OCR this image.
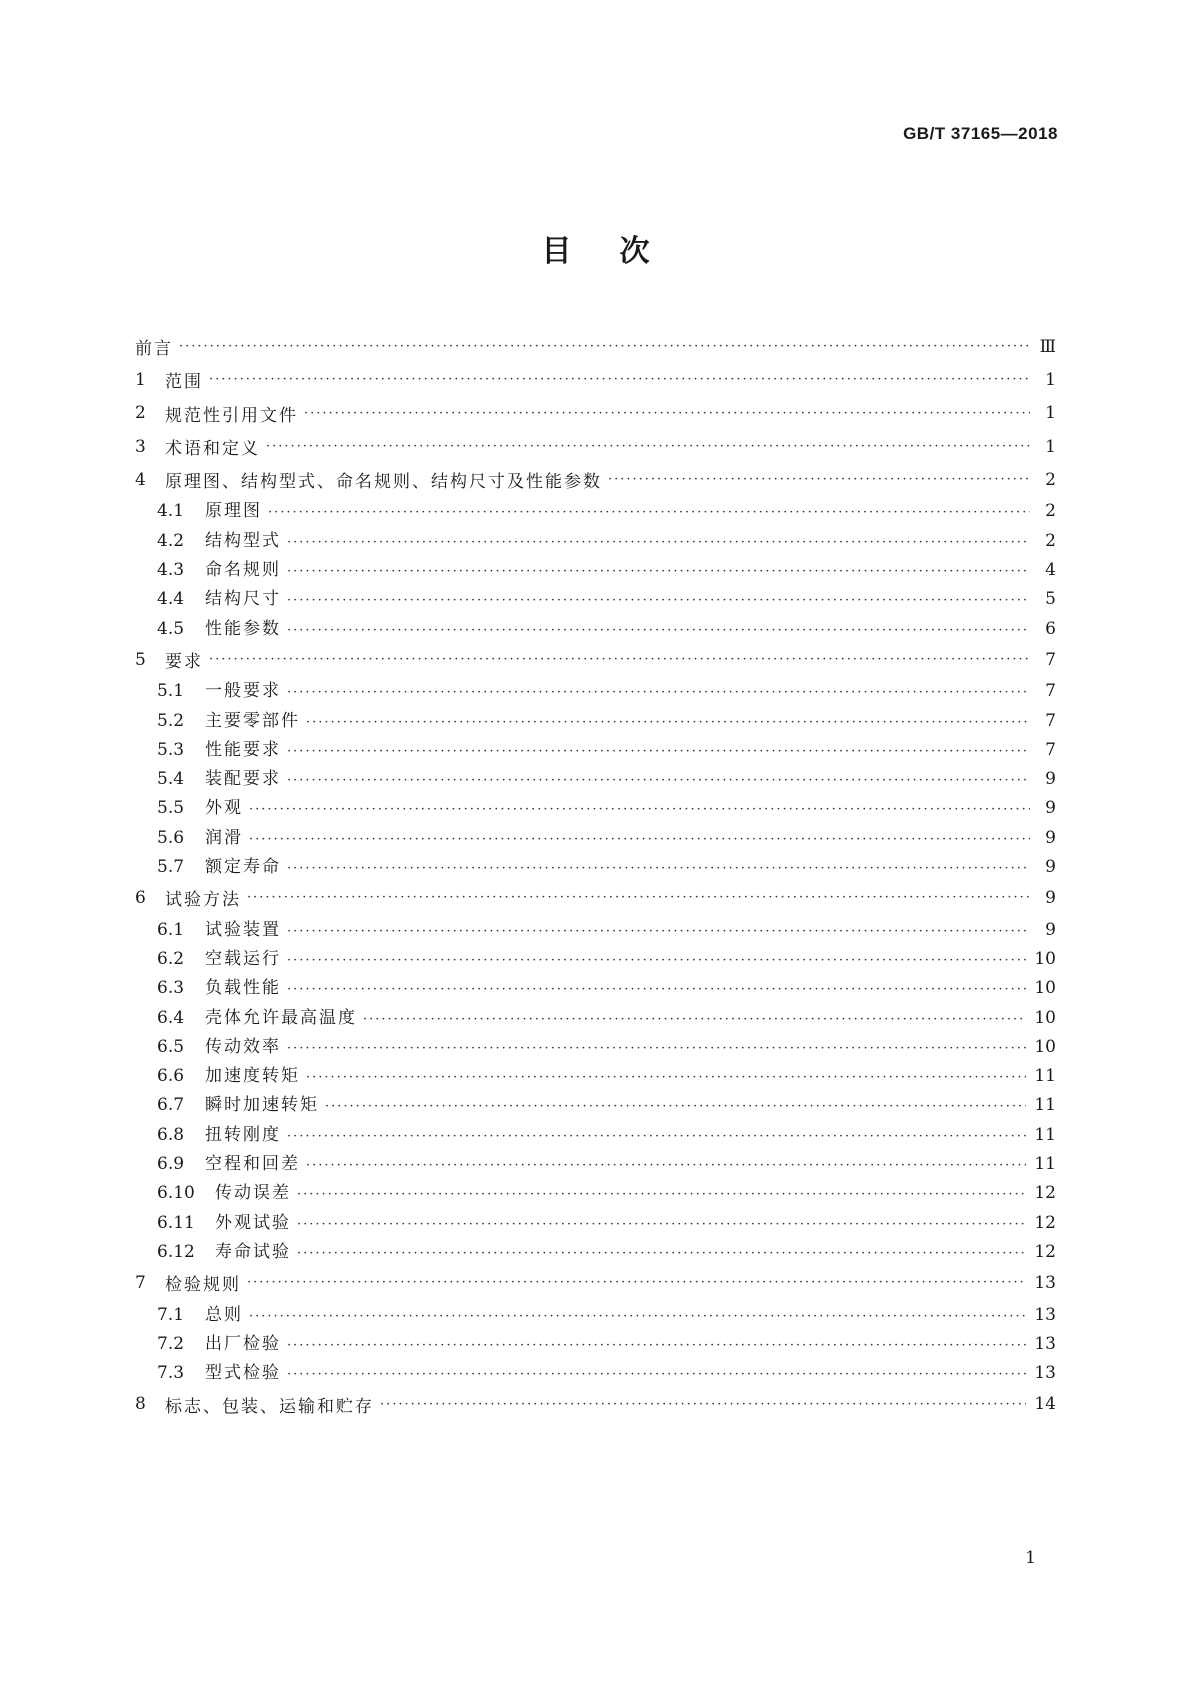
GB/T 37165—2018
目次
前言 ·····	Ⅲ
1	范围 ·····	1
2	规范性引用文件 ·····	1
3	术语和定义 ·····	1
4	原理图、结构型式、命名规则、结构尺寸及性能参数 ·····	2
4.1	原理图 ·····	2
4.2	结构型式 ·····	2
4.3	命名规则 ·····	4
4.4	结构尺寸 ·····	5
4.5	性能参数 ·····	6
5	要求 ·····	7
5.1	一般要求 ·····	7
5.2	主要零部件 ·····	7
5.3	性能要求 ·····	7
5.4	装配要求 ·····	9
5.5	外观 ·····	9
5.6	润滑 ·····	9
5.7	额定寿命 ·····	9
6	试验方法 ·····	9
6.1	试验装置 ·····	9
6.2	空载运行 ·····	10
6.3	负载性能 ·····	10
6.4	壳体允许最高温度 ·····	10
6.5	传动效率 ·····	10
6.6	加速度转矩 ·····	11
6.7	瞬时加速转矩 ·····	11
6.8	扭转刚度 ·····	11
6.9	空程和回差 ·····	11
6.10	传动误差 ·····	12
6.11	外观试验 ·····	12
6.12	寿命试验 ·····	12
7	检验规则 ·····	13
7.1	总则 ·····	13
7.2	出厂检验 ·····	13
7.3	型式检验 ·····	13
8	标志、包装、运输和贮存 ·····	14
1
